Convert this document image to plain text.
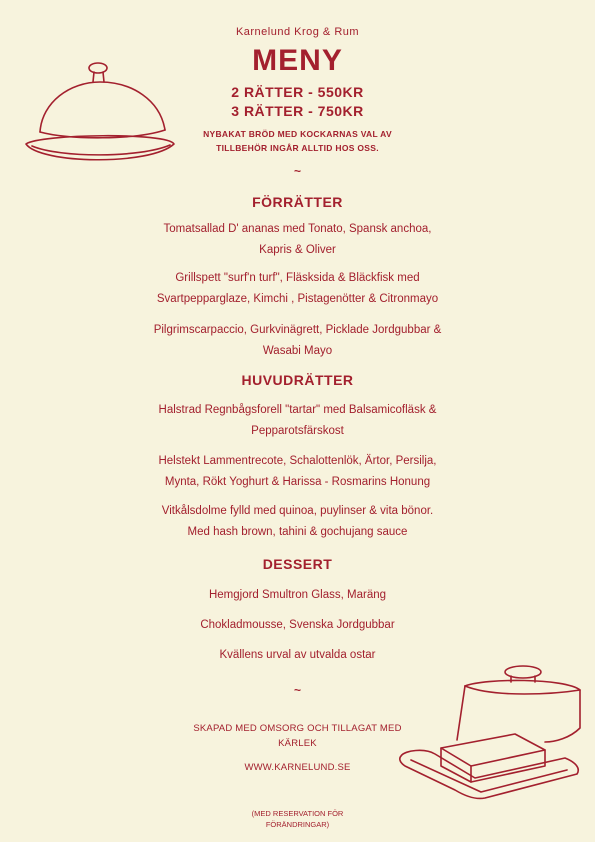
Karnelund Krog & Rum
MENY
2 RÄTTER - 550KR
3 RÄTTER - 750KR
NYBAKAT BRÖD MED KOCKARNAS VAL AV
TILLBEHÖR INGÅR ALLTID HOS OSS.
~
FÖRRÄTTER
Tomatsallad D' ananas med Tonato, Spansk anchoa,
Kapris & Oliver
Grillspett "surf'n turf", Fläsksida & Bläckfisk med
Svartpepparglaze, Kimchi , Pistagenötter & Citronmayo
Pilgrimscarpaccio, Gurkvinägrett, Picklade Jordgubbar &
Wasabi Mayo
HUVUDRÄTTER
Halstrad Regnbågsforell "tartar" med Balsamicofläsk &
Pepparotsfärskost
Helstekt Lammentrecote, Schalottenlök, Ärtor, Persilja,
Mynta, Rökt Yoghurt & Harissa - Rosmarins Honung
Vitkålsdolme fylld med quinoa, puylinser & vita bönor.
Med hash brown, tahini & gochujang sauce
DESSERT
Hemgjord Smultron Glass, Maräng
Chokladmousse, Svenska Jordgubbar
Kvällens urval av utvalda ostar
~
SKAPAD MED OMSORG OCH TILLAGAT MED
KÄRLEK
WWW.KARNELUND.SE
(MED RESERVATION FÖR
FÖRÄNDRINGAR)
